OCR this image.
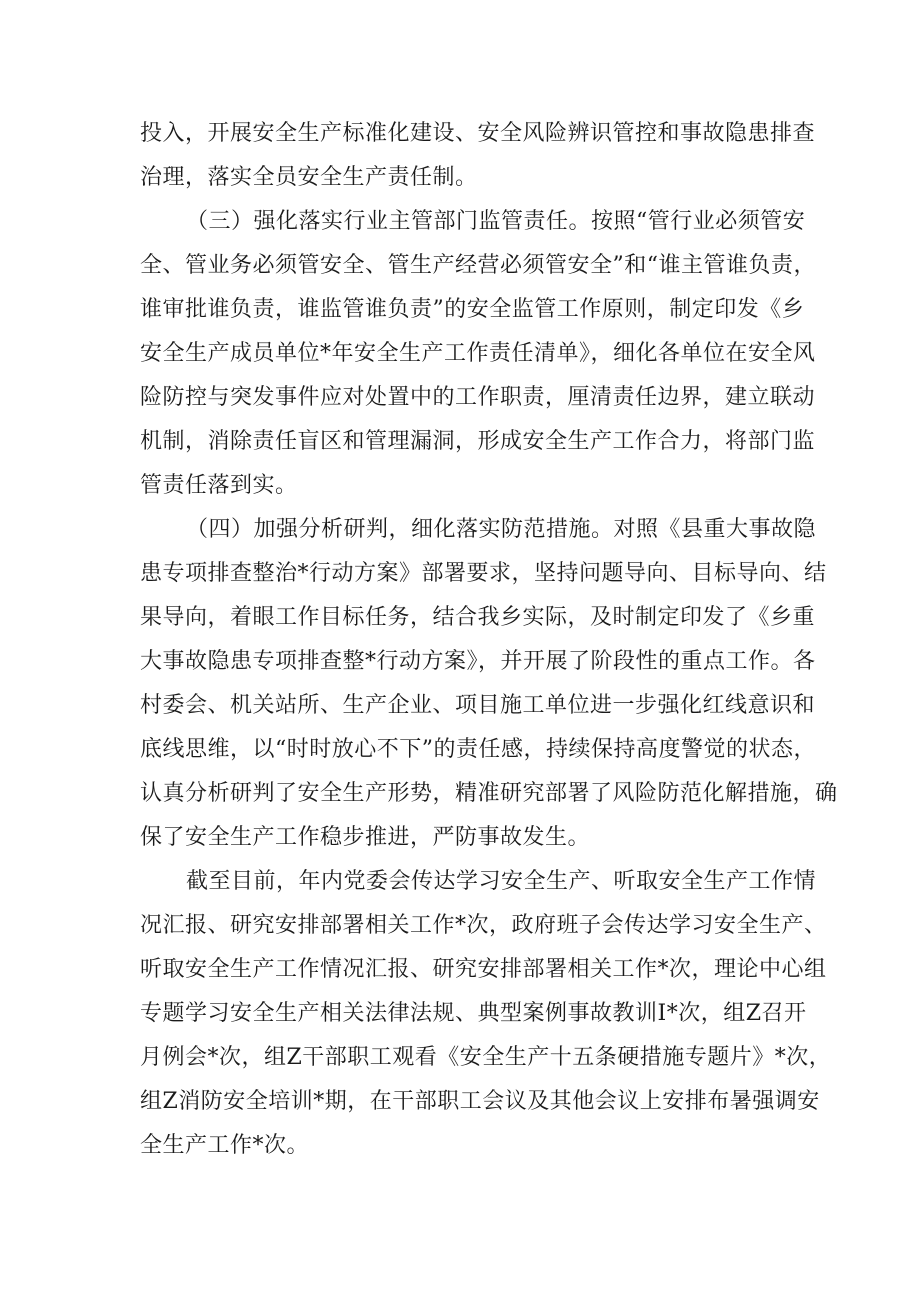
投入，开展安全生产标准化建设、安全风险辨识管控和事故隐患排查
治理，落实全员安全生产责任制。
（三）强化落实行业主管部门监管责任。按照“管行业必须管安
全、管业务必须管安全、管生产经营必须管安全”和“谁主管谁负责，
谁审批谁负责，谁监管谁负责”的安全监管工作原则，制定印发《乡
安全生产成员单位*年安全生产工作责任清单》，细化各单位在安全风
险防控与突发事件应对处置中的工作职责，厘清责任边界，建立联动
机制，消除责任盲区和管理漏洞，形成安全生产工作合力，将部门监
管责任落到实。
（四）加强分析研判，细化落实防范措施。对照《县重大事故隐
患专项排查整治*行动方案》部署要求，坚持问题导向、目标导向、结
果导向，着眼工作目标任务，结合我乡实际，及时制定印发了《乡重
大事故隐患专项排查整*行动方案》，并开展了阶段性的重点工作。各
村委会、机关站所、生产企业、项目施工单位进一步强化红线意识和
底线思维，以“时时放心不下”的责任感，持续保持高度警觉的状态，
认真分析研判了安全生产形势，精准研究部署了风险防范化解措施，确
保了安全生产工作稳步推进，严防事故发生。
截至目前，年内党委会传达学习安全生产、听取安全生产工作情
况汇报、研究安排部署相关工作*次，政府班子会传达学习安全生产、
听取安全生产工作情况汇报、研究安排部署相关工作*次，理论中心组
专题学习安全生产相关法律法规、典型案例事故教训I*次，组Z召开
月例会*次，组Z干部职工观看《安全生产十五条硬措施专题片》*次，
组Z消防安全培训*期，在干部职工会议及其他会议上安排布暑强调安
全生产工作*次。
